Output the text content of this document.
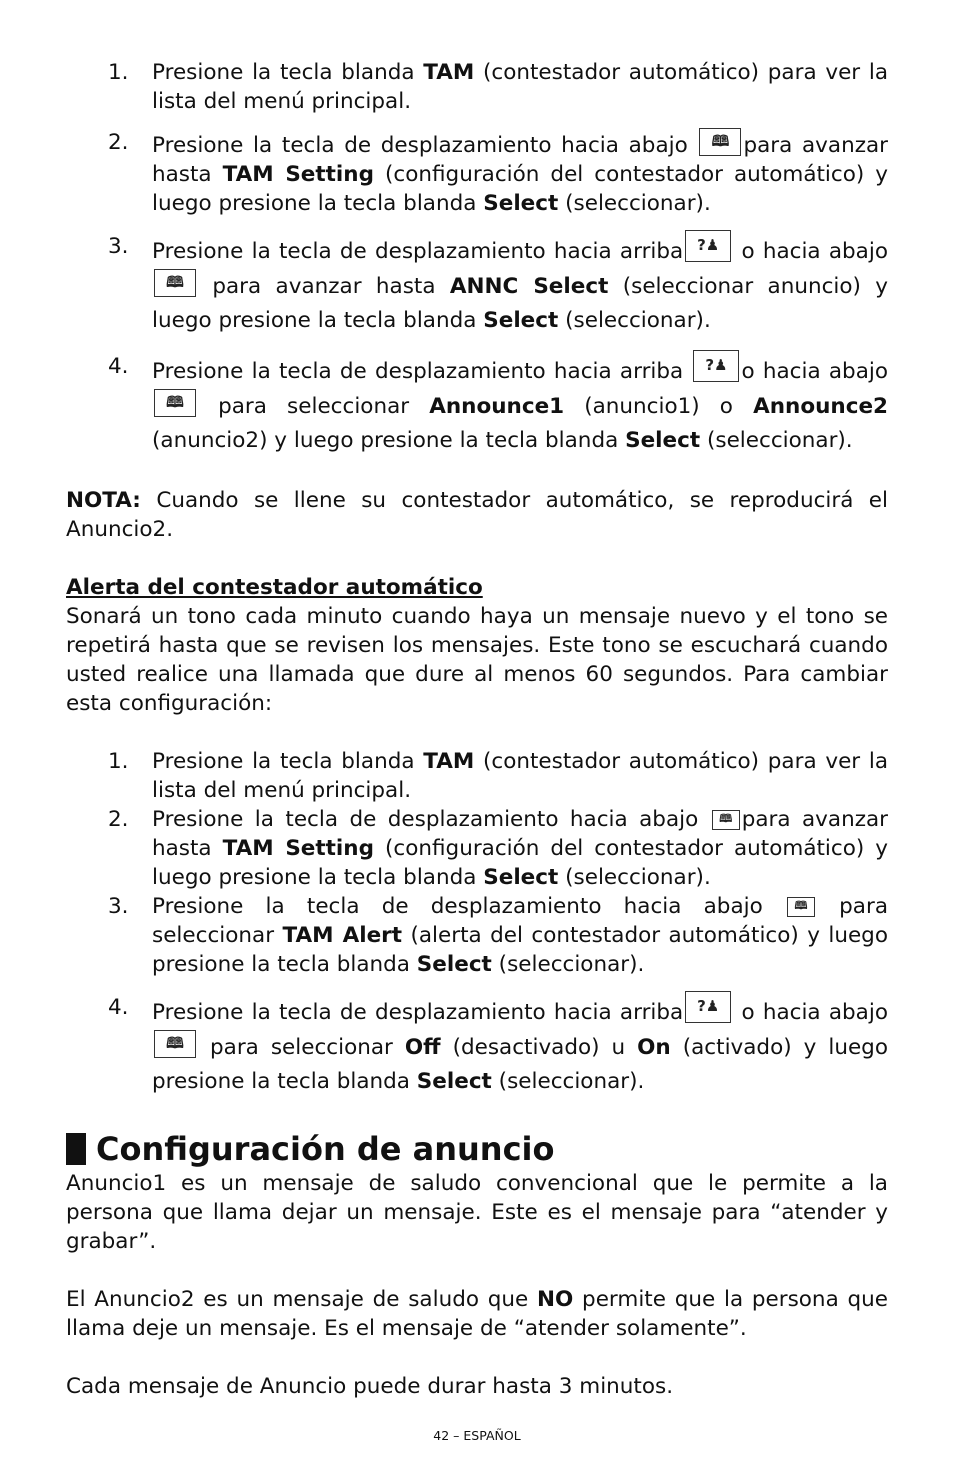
1. Presione la tecla blanda TAM (contestador automático) para ver la lista del menú principal.
2. Presione la tecla de desplazamiento hacia abajo 🕮 para avanzar hasta TAM Setting (configuración del contestador automático) y luego presione la tecla blanda Select (seleccionar).
3. Presione la tecla de desplazamiento hacia arriba ?♟ o hacia abajo
🕮 para avanzar hasta ANNC Select (seleccionar anuncio) y luego presione la tecla blanda Select (seleccionar).
4. Presione la tecla de desplazamiento hacia arriba ?♟ o hacia abajo
🕮 para seleccionar Announce1 (anuncio1) o Announce2 (anuncio2) y luego presione la tecla blanda Select (seleccionar).
NOTA: Cuando se llene su contestador automático, se reproducirá el Anuncio2.
Alerta del contestador automático
Sonará un tono cada minuto cuando haya un mensaje nuevo y el tono se repetirá hasta que se revisen los mensajes. Este tono se escuchará cuando usted realice una llamada que dure al menos 60 segundos. Para cambiar esta configuración:
1. Presione la tecla blanda TAM (contestador automático) para ver la lista del menú principal.
2. Presione la tecla de desplazamiento hacia abajo 🕮 para avanzar hasta TAM Setting (configuración del contestador automático) y luego presione la tecla blanda Select (seleccionar).
3. Presione la tecla de desplazamiento hacia abajo 🕮 para seleccionar TAM Alert (alerta del contestador automático) y luego presione la tecla blanda Select (seleccionar).
4. Presione la tecla de desplazamiento hacia arriba ?♟ o hacia abajo
🕮 para seleccionar Off (desactivado) u On (activado) y luego presione la tecla blanda Select (seleccionar).
Configuración de anuncio
Anuncio1 es un mensaje de saludo convencional que le permite a la persona que llama dejar un mensaje. Este es el mensaje para “atender y grabar”.
El Anuncio2 es un mensaje de saludo que NO permite que la persona que llama deje un mensaje. Es el mensaje de “atender solamente”.
Cada mensaje de Anuncio puede durar hasta 3 minutos.
42 – ESPAÑOL
